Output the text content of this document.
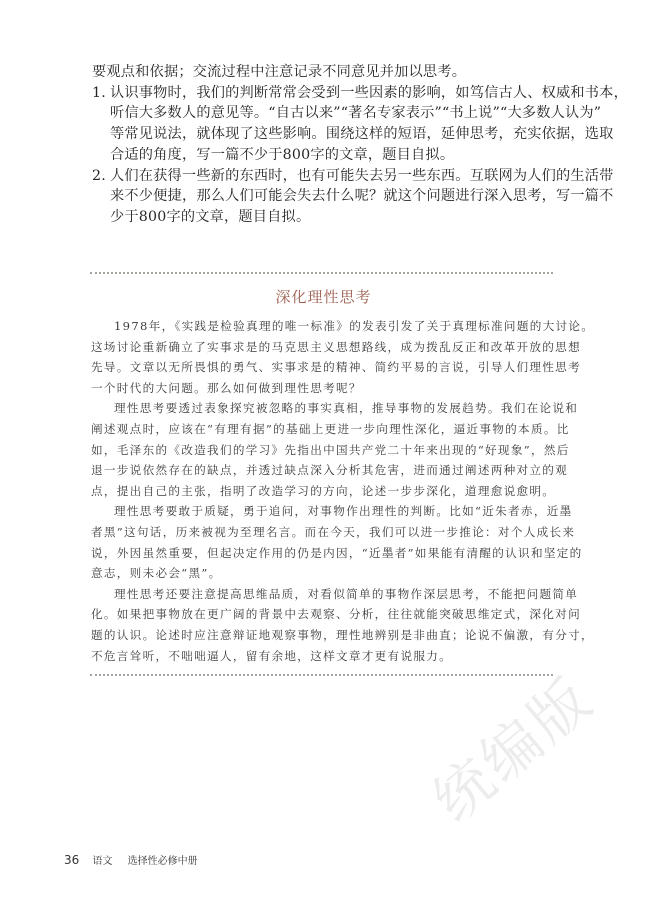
要观点和依据；交流过程中注意记录不同意见并加以思考。
1. 认识事物时，我们的判断常常会受到一些因素的影响，如笃信古人、权威和书本，
听信大多数人的意见等。“自古以来”“著名专家表示”“书上说”“大多数人认为”
等常见说法，就体现了这些影响。围绕这样的短语，延伸思考，充实依据，选取
合适的角度，写一篇不少于800字的文章，题目自拟。
2. 人们在获得一些新的东西时，也有可能失去另一些东西。互联网为人们的生活带
来不少便捷，那么人们可能会失去什么呢？就这个问题进行深入思考，写一篇不
少于800字的文章，题目自拟。
深化理性思考

1978年，《实践是检验真理的唯一标准》的发表引发了关于真理标准问题的大讨论。
这场讨论重新确立了实事求是的马克思主义思想路线，成为拨乱反正和改革开放的思想
先导。文章以无所畏惧的勇气、实事求是的精神、简约平易的言说，引导人们理性思考
一个时代的大问题。那么如何做到理性思考呢？

理性思考要透过表象探究被忽略的事实真相，推导事物的发展趋势。我们在论说和
阐述观点时，应该在“有理有据”的基础上更进一步向理性深化，逼近事物的本质。比
如，毛泽东的《改造我们的学习》先指出中国共产党二十年来出现的“好现象”，然后
退一步说依然存在的缺点，并透过缺点深入分析其危害，进而通过阐述两种对立的观
点，提出自己的主张，指明了改造学习的方向，论述一步步深化，道理愈说愈明。

理性思考要敢于质疑，勇于追问，对事物作出理性的判断。比如“近朱者赤，近墨
者黑”这句话，历来被视为至理名言。而在今天，我们可以进一步推论：对个人成长来
说，外因虽然重要，但起决定作用的仍是内因，“近墨者”如果能有清醒的认识和坚定的
意志，则未必会“黑”。

理性思考还要注意提高思维品质，对看似简单的事物作深层思考，不能把问题简单
化。如果把事物放在更广阔的背景中去观察、分析，往往就能突破思维定式，深化对问
题的认识。论述时应注意辩证地观察事物，理性地辨别是非曲直；论说不偏激，有分寸，
不危言耸听，不咄咄逼人，留有余地，这样文章才更有说服力。

统编版
36 语文 选择性必修中册
